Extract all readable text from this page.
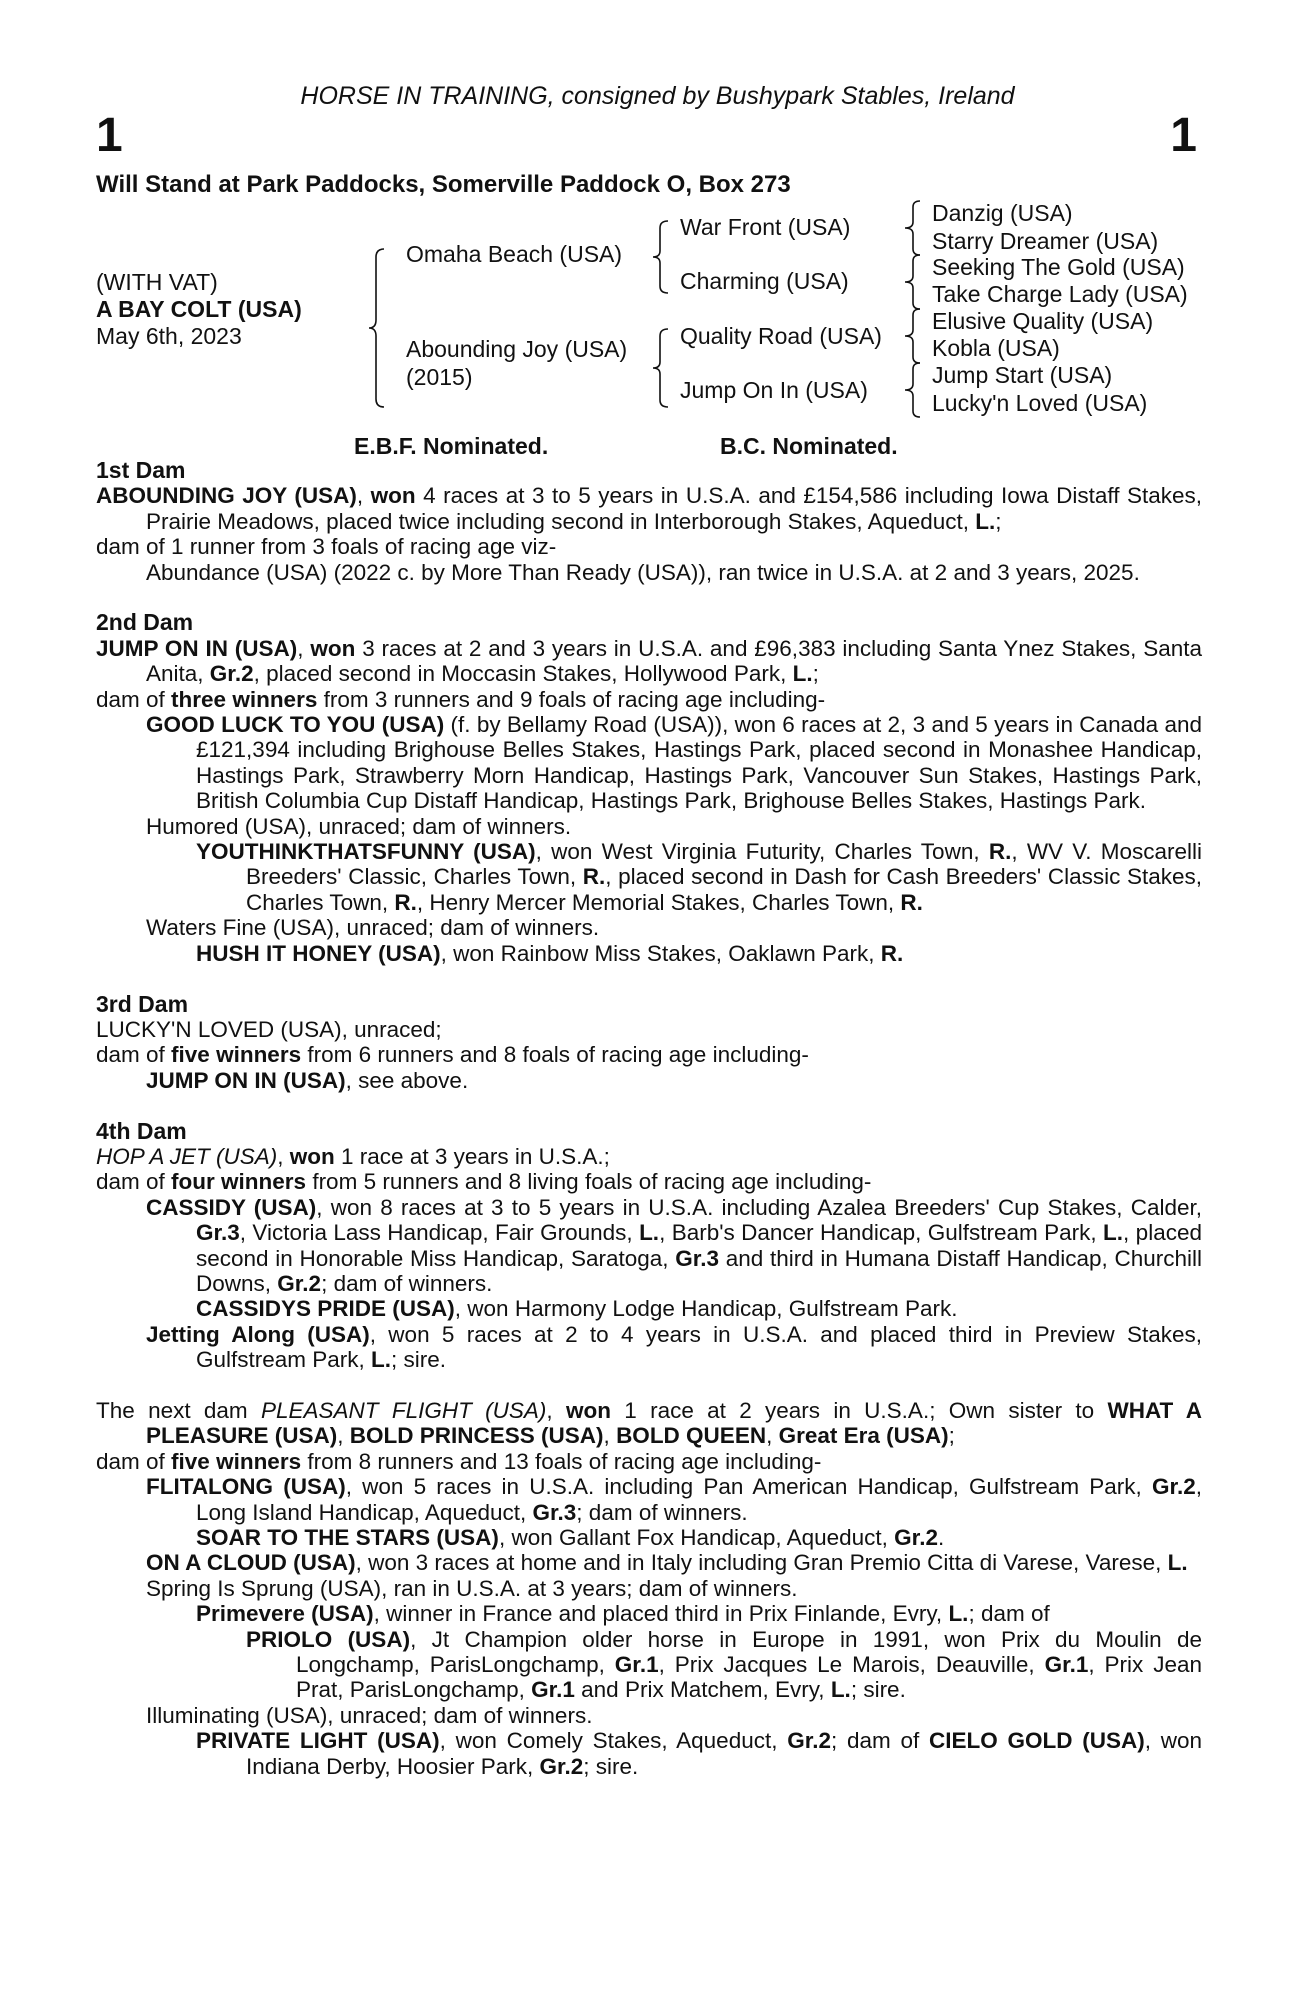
HORSE IN TRAINING, consigned by Bushypark Stables, Ireland
1	1
Will Stand at Park Paddocks, Somerville Paddock O, Box 273
(WITH VAT)
A BAY COLT (USA)
May 6th, 2023
Omaha Beach (USA)
Abounding Joy (USA)
(2015)
War Front (USA)
Charming (USA)
Quality Road (USA)
Jump On In (USA)
Danzig (USA)
Starry Dreamer (USA)
Seeking The Gold (USA)
Take Charge Lady (USA)
Elusive Quality (USA)
Kobla (USA)
Jump Start (USA)
Lucky'n Loved (USA)
E.B.F. Nominated.	B.C. Nominated.
1st Dam

ABOUNDING JOY (USA), won 4 races at 3 to 5 years in U.S.A. and £154,586 including Iowa Distaff Stakes, Prairie Meadows, placed twice including second in Interborough Stakes, Aqueduct, L.;

dam of 1 runner from 3 foals of racing age viz-

Abundance (USA) (2022 c. by More Than Ready (USA)), ran twice in U.S.A. at 2 and 3 years, 2025.

2nd Dam

JUMP ON IN (USA), won 3 races at 2 and 3 years in U.S.A. and £96,383 including Santa Ynez Stakes, Santa Anita, Gr.2, placed second in Moccasin Stakes, Hollywood Park, L.;

dam of three winners from 3 runners and 9 foals of racing age including-

GOOD LUCK TO YOU (USA) (f. by Bellamy Road (USA)), won 6 races at 2, 3 and 5 years in Canada and £121,394 including Brighouse Belles Stakes, Hastings Park, placed second in Monashee Handicap, Hastings Park, Strawberry Morn Handicap, Hastings Park, Vancouver Sun Stakes, Hastings Park, British Columbia Cup Distaff Handicap, Hastings Park, Brighouse Belles Stakes, Hastings Park.

Humored (USA), unraced; dam of winners.

YOUTHINKTHATSFUNNY (USA), won West Virginia Futurity, Charles Town, R., WV V. Moscarelli Breeders' Classic, Charles Town, R., placed second in Dash for Cash Breeders' Classic Stakes, Charles Town, R., Henry Mercer Memorial Stakes, Charles Town, R.

Waters Fine (USA), unraced; dam of winners.

HUSH IT HONEY (USA), won Rainbow Miss Stakes, Oaklawn Park, R.

3rd Dam

LUCKY'N LOVED (USA), unraced;

dam of five winners from 6 runners and 8 foals of racing age including-

JUMP ON IN (USA), see above.

4th Dam

HOP A JET (USA), won 1 race at 3 years in U.S.A.;

dam of four winners from 5 runners and 8 living foals of racing age including-

CASSIDY (USA), won 8 races at 3 to 5 years in U.S.A. including Azalea Breeders' Cup Stakes, Calder, Gr.3, Victoria Lass Handicap, Fair Grounds, L., Barb's Dancer Handicap, Gulfstream Park, L., placed second in Honorable Miss Handicap, Saratoga, Gr.3 and third in Humana Distaff Handicap, Churchill Downs, Gr.2; dam of winners.

CASSIDYS PRIDE (USA), won Harmony Lodge Handicap, Gulfstream Park.

Jetting Along (USA), won 5 races at 2 to 4 years in U.S.A. and placed third in Preview Stakes, Gulfstream Park, L.; sire.

The next dam PLEASANT FLIGHT (USA), won 1 race at 2 years in U.S.A.; Own sister to WHAT A PLEASURE (USA), BOLD PRINCESS (USA), BOLD QUEEN, Great Era (USA);

dam of five winners from 8 runners and 13 foals of racing age including-

FLITALONG (USA), won 5 races in U.S.A. including Pan American Handicap, Gulfstream Park, Gr.2, Long Island Handicap, Aqueduct, Gr.3; dam of winners.

SOAR TO THE STARS (USA), won Gallant Fox Handicap, Aqueduct, Gr.2.

ON A CLOUD (USA), won 3 races at home and in Italy including Gran Premio Citta di Varese, Varese, L.

Spring Is Sprung (USA), ran in U.S.A. at 3 years; dam of winners.

Primevere (USA), winner in France and placed third in Prix Finlande, Evry, L.; dam of

PRIOLO (USA), Jt Champion older horse in Europe in 1991, won Prix du Moulin de Longchamp, ParisLongchamp, Gr.1, Prix Jacques Le Marois, Deauville, Gr.1, Prix Jean Prat, ParisLongchamp, Gr.1 and Prix Matchem, Evry, L.; sire.

Illuminating (USA), unraced; dam of winners.

PRIVATE LIGHT (USA), won Comely Stakes, Aqueduct, Gr.2; dam of CIELO GOLD (USA), won Indiana Derby, Hoosier Park, Gr.2; sire.
